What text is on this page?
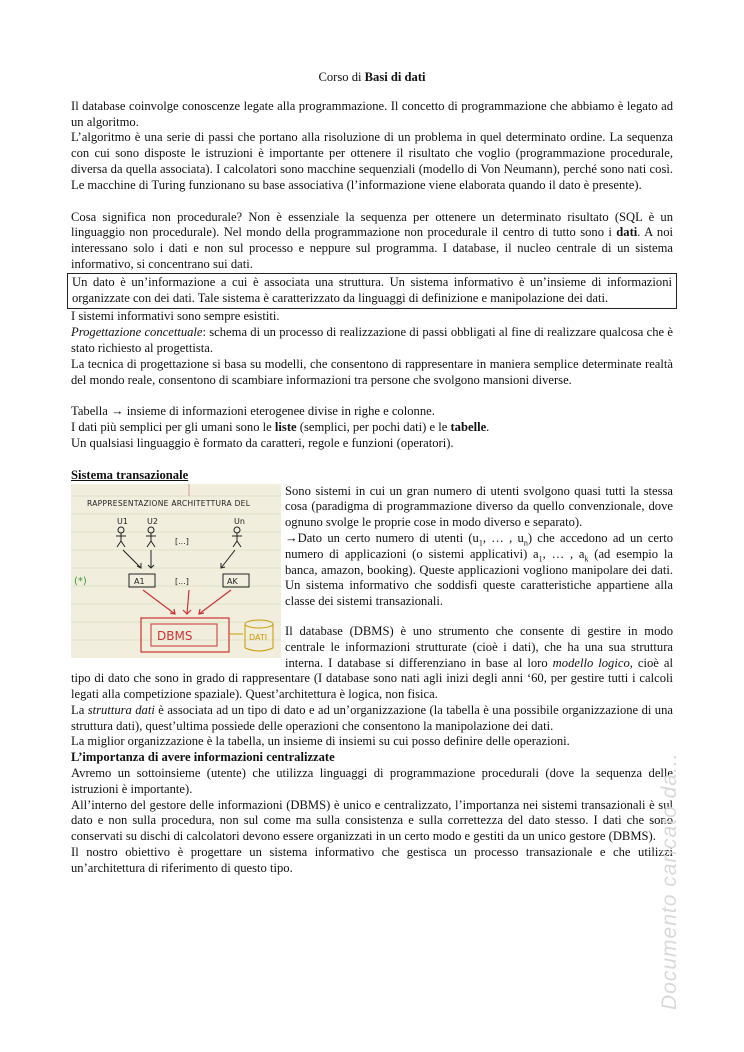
Corso di Basi di dati

Il database coinvolge conoscenze legate alla programmazione. Il concetto di programmazione che abbiamo è legato ad un algoritmo.

L’algoritmo è una serie di passi che portano alla risoluzione di un problema in quel determinato ordine. La sequenza con cui sono disposte le istruzioni è importante per ottenere il risultato che voglio (programmazione procedurale, diversa da quella associata). I calcolatori sono macchine sequenziali (modello di Von Neumann), perché sono nati così. Le macchine di Turing funzionano su base associativa (l’informazione viene elaborata quando il dato è presente).

Cosa significa non procedurale? Non è essenziale la sequenza per ottenere un determinato risultato (SQL è un linguaggio non procedurale). Nel mondo della programmazione non procedurale il centro di tutto sono i dati. A noi interessano solo i dati e non sul processo e neppure sul programma. I database, il nucleo centrale di un sistema informativo, si concentrano sui dati.

Un dato è un’informazione a cui è associata una struttura. Un sistema informativo è un’insieme di informazioni organizzate con dei dati. Tale sistema è caratterizzato da linguaggi di definizione e manipolazione dei dati.

I sistemi informativi sono sempre esistiti.

Progettazione concettuale: schema di un processo di realizzazione di passi obbligati al fine di realizzare qualcosa che è stato richiesto al progettista.

La tecnica di progettazione si basa su modelli, che consentono di rappresentare in maniera semplice determinate realtà del mondo reale, consentono di scambiare informazioni tra persone che svolgono mansioni diverse.

Tabella → insieme di informazioni eterogenee divise in righe e colonne.

I dati più semplici per gli umani sono le liste (semplici, per pochi dati) e le tabelle.

Un qualsiasi linguaggio è formato da caratteri, regole e funzioni (operatori).

Sistema transazionale
RAPPRESENTAZIONE ARCHITETTURA DEL
U1 U2	Un
[...]
(*)	A1	[...]	AK
DBMS	DATI

Sono sistemi in cui un gran numero di utenti svolgono quasi tutti la stessa cosa (paradigma di programmazione diverso da quello convenzionale, dove ognuno svolge le proprie cose in modo diverso e separato).

→Dato un certo numero di utenti ($u_1$, … , $u_n$) che accedono ad un certo numero di applicazioni (o sistemi applicativi) $a_1$, … , $a_k$ (ad esempio la banca, amazon, booking). Queste applicazioni vogliono manipolare dei dati. Un sistema informativo che soddisfi queste caratteristiche appartiene alla classe dei sistemi transazionali.

Il database (DBMS) è uno strumento che consente di gestire in modo centrale le informazioni strutturate (cioè i dati), che ha una sua struttura interna. I database si differenziano in base al loro modello logico, cioè al tipo di dato che sono in grado di rappresentare (I database sono nati agli inizi degli anni ‘60, per gestire tutti i calcoli legati alla competizione spaziale). Quest’architettura è logica, non fisica.

La struttura dati è associata ad un tipo di dato e ad un’organizzazione (la tabella è una possibile organizzazione di una struttura dati), quest’ultima possiede delle operazioni che consentono la manipolazione dei dati.

La miglior organizzazione è la tabella, un insieme di insiemi su cui posso definire delle operazioni.

L’importanza di avere informazioni centralizzate

Avremo un sottoinsieme (utente) che utilizza linguaggi di programmazione procedurali (dove la sequenza delle istruzioni è importante).

All’interno del gestore delle informazioni (DBMS) è unico e centralizzato, l’importanza nei sistemi transazionali è sul dato e non sulla procedura, non sul come ma sulla consistenza e sulla correttezza del dato stesso. I dati che sono conservati su dischi di calcolatori devono essere organizzati in un certo modo e gestiti da un unico gestore (DBMS).

Il nostro obiettivo è progettare un sistema informativo che gestisca un processo transazionale e che utilizzi un’architettura di riferimento di questo tipo.	Documento caricato da...
